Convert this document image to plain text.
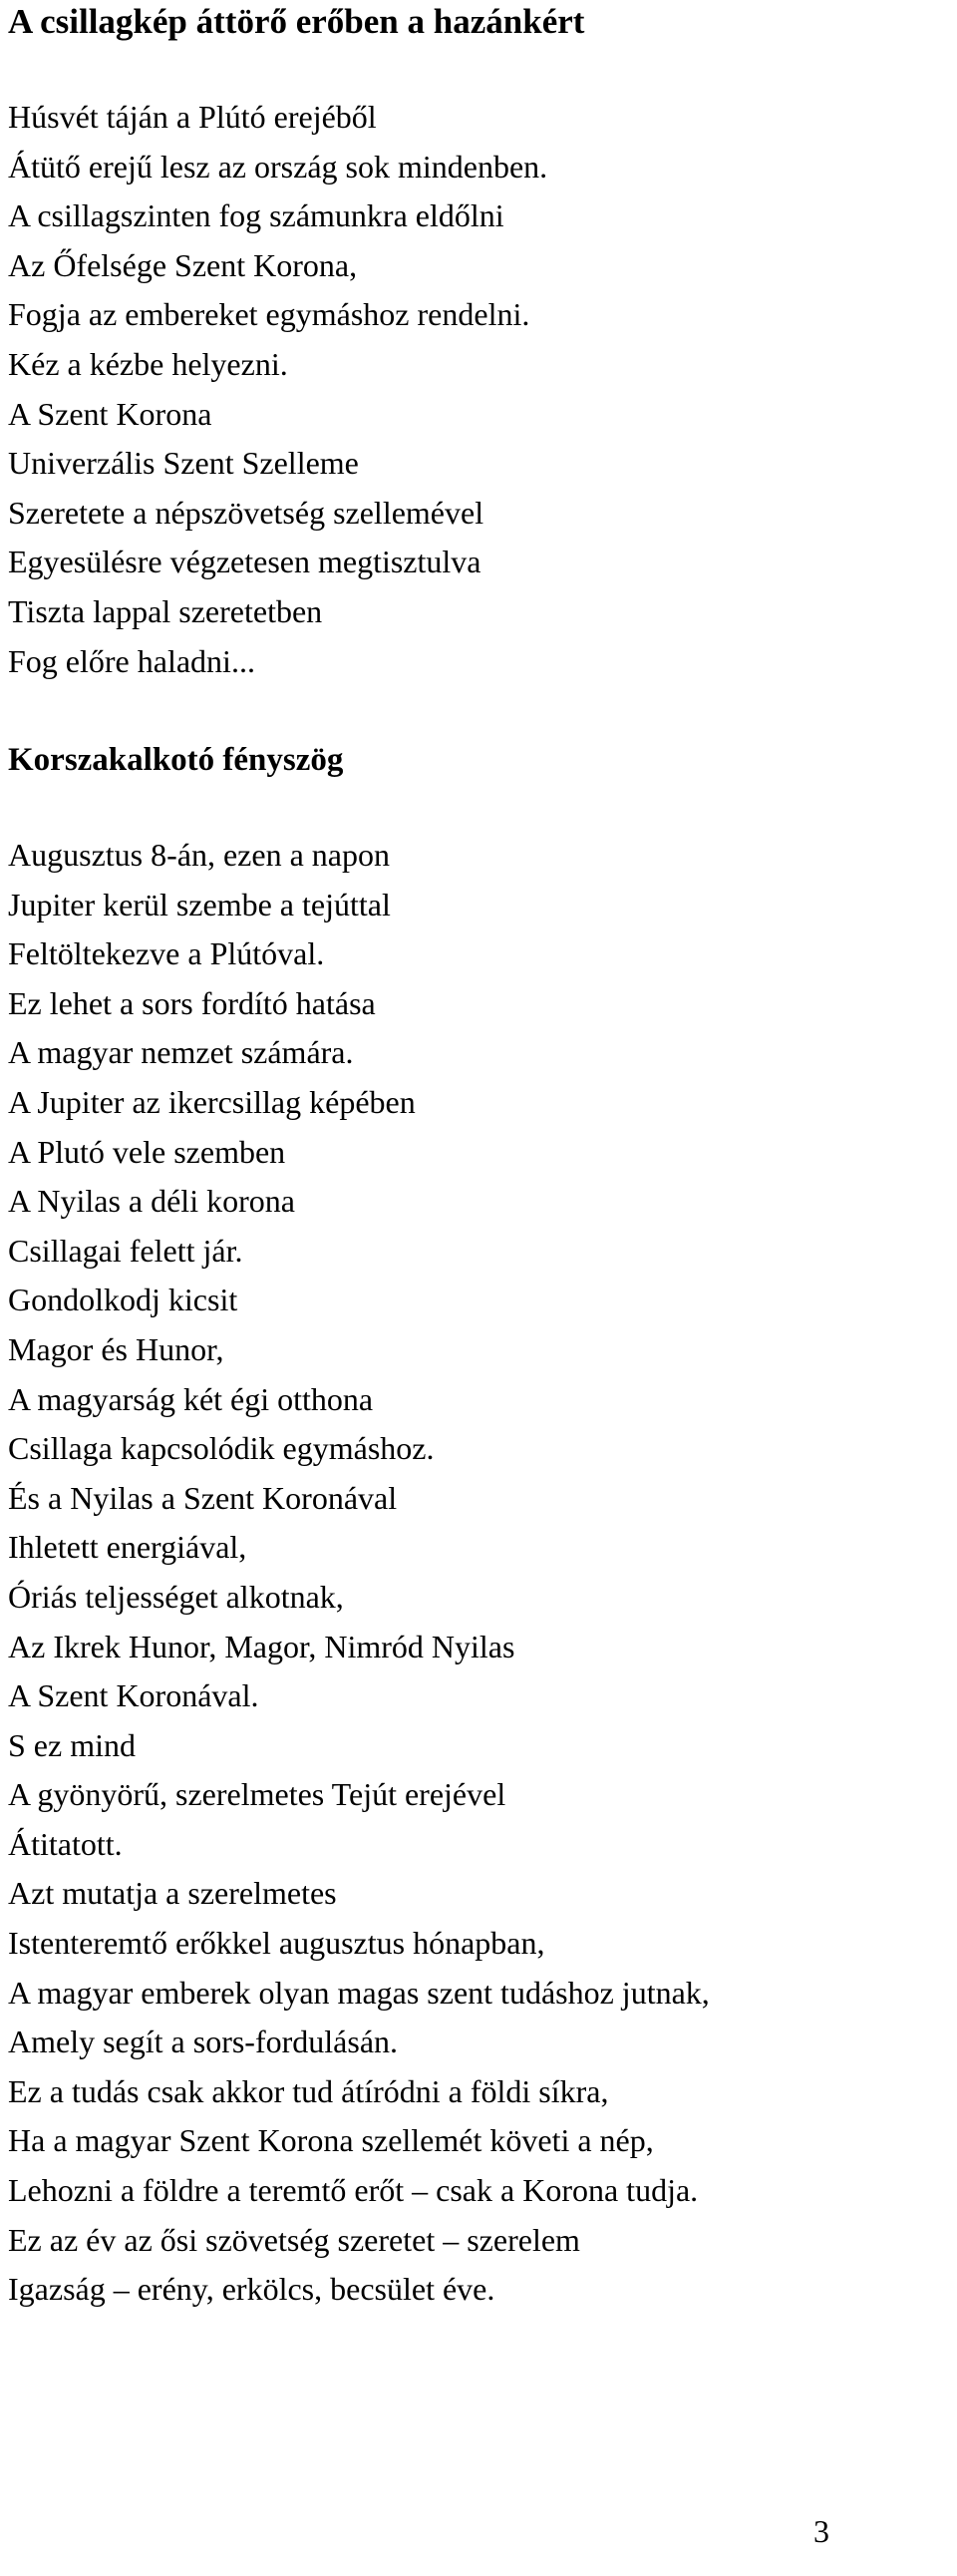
A csillagkép áttörő erőben a hazánkért
Húsvét táján a Plútó erejéből
Átütő erejű lesz az ország sok mindenben.
A csillagszinten fog számunkra eldőlni
Az Őfelsége Szent Korona,
Fogja az embereket egymáshoz rendelni.
Kéz a kézbe helyezni.
A Szent Korona
Univerzális Szent Szelleme
Szeretete a népszövetség szellemével
Egyesülésre végzetesen megtisztulva
Tiszta lappal szeretetben
Fog előre haladni...
Korszakalkotó fényszög
Augusztus 8-án, ezen a napon
Jupiter kerül szembe a tejúttal
Feltöltekezve a Plútóval.
Ez lehet a sors fordító hatása
A magyar nemzet számára.
A Jupiter az ikercsillag képében
A Plutó vele szemben
A Nyilas a déli korona
Csillagai felett jár.
Gondolkodj kicsit
Magor és Hunor,
A magyarság két égi otthona
Csillaga kapcsolódik egymáshoz.
És a Nyilas a Szent Koronával
Ihletett energiával,
Óriás teljességet alkotnak,
Az Ikrek Hunor, Magor, Nimród Nyilas
A Szent Koronával.
S ez mind
A gyönyörű, szerelmetes Tejút erejével
Átitatott.
Azt mutatja a szerelmetes
Istenteremtő erőkkel augusztus hónapban,
A magyar emberek olyan magas szent tudáshoz jutnak,
Amely segít a sors-fordulásán.
Ez a tudás csak akkor tud átíródni a földi síkra,
Ha a magyar Szent Korona szellemét követi a nép,
Lehozni a földre a teremtő erőt – csak a Korona tudja.
Ez az év az ősi szövetség szeretet – szerelem
Igazság – erény, erkölcs, becsület éve.
3
